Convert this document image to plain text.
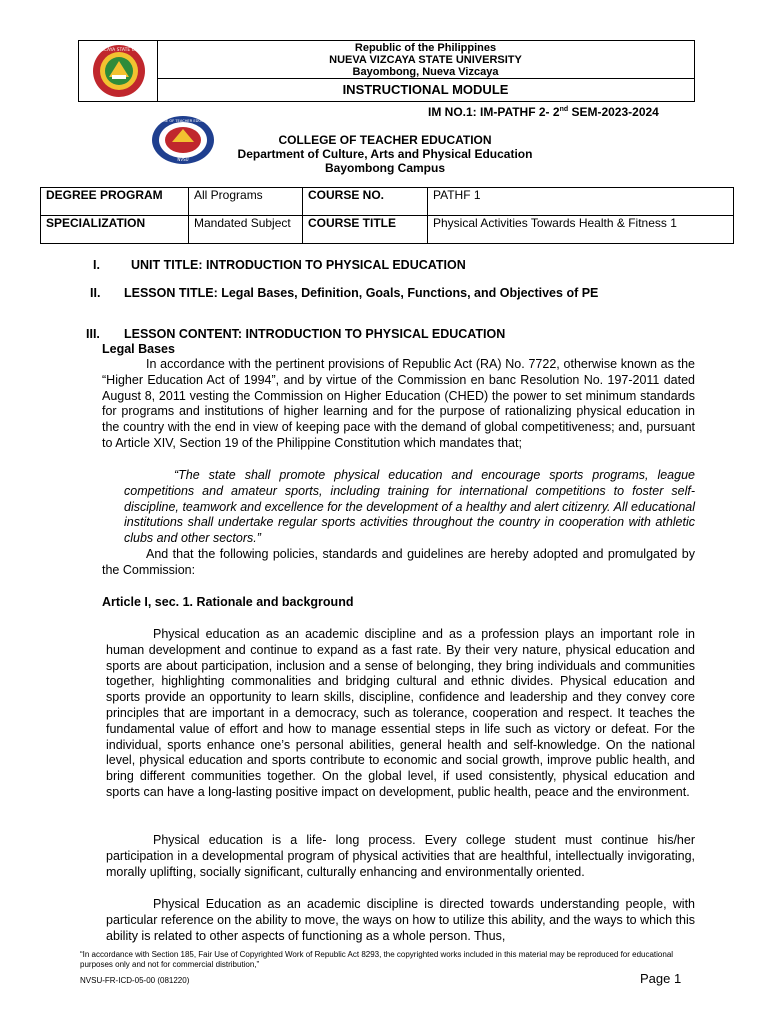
NUEVA VIZCAYA STATE UNIVERSITY	Republic of the Philippines
NUEVA VIZCAYA STATE UNIVERSITY
Bayombong, Nueva Vizcaya
INSTRUCTIONAL MODULE
IM NO.1: IM-PATHF 2- 2nd SEM-2023-2024
COLLEGE OF TEACHER EDUCATION
NVSU
COLLEGE OF TEACHER EDUCATION
Department of Culture, Arts and Physical Education
Bayombong Campus
DEGREE PROGRAM	All Programs	COURSE NO.	PATHF 1
SPECIALIZATION	Mandated Subject	COURSE TITLE	Physical Activities Towards Health & Fitness 1
I. UNIT TITLE: INTRODUCTION TO PHYSICAL EDUCATION
II. LESSON TITLE: Legal Bases, Definition, Goals, Functions, and Objectives of PE
III. LESSON CONTENT: INTRODUCTION TO PHYSICAL EDUCATION
Legal Bases
In accordance with the pertinent provisions of Republic Act (RA) No. 7722, otherwise known as the “Higher Education Act of 1994”, and by virtue of the Commission en banc Resolution No. 197-2011 dated August 8, 2011 vesting the Commission on Higher Education (CHED) the power to set minimum standards for programs and institutions of higher learning and for the purpose of rationalizing physical education in the country with the end in view of keeping pace with the demand of global competitiveness; and, pursuant to Article XIV, Section 19 of the Philippine Constitution which mandates that;
“The state shall promote physical education and encourage sports programs, league competitions and amateur sports, including training for international competitions to foster self- discipline, teamwork and excellence for the development of a healthy and alert citizenry. All educational institutions shall undertake regular sports activities throughout the country in cooperation with athletic clubs and other sectors.”
And that the following policies, standards and guidelines are hereby adopted and promulgated by the Commission:
Article I, sec. 1. Rationale and background
Physical education as an academic discipline and as a profession plays an important role in human development and continue to expand as a fast rate. By their very nature, physical education and sports are about participation, inclusion and a sense of belonging, they bring individuals and communities together, highlighting commonalities and bridging cultural and ethnic divides. Physical education and sports provide an opportunity to learn skills, discipline, confidence and leadership and they convey core principles that are important in a democracy, such as tolerance, cooperation and respect. It teaches the fundamental value of effort and how to manage essential steps in life such as victory or defeat. For the individual, sports enhance one’s personal abilities, general health and self-knowledge. On the national level, physical education and sports contribute to economic and social growth, improve public health, and bring different communities together. On the global level, if used consistently, physical education and sports can have a long-lasting positive impact on development, public health, peace and the environment.
Physical education is a life- long process. Every college student must continue his/her participation in a developmental program of physical activities that are healthful, intellectually invigorating, morally uplifting, socially significant, culturally enhancing and environmentally oriented.
Physical Education as an academic discipline is directed towards understanding people, with particular reference on the ability to move, the ways on how to utilize this ability, and the ways to which this ability is related to other aspects of functioning as a whole person. Thus,
“In accordance with Section 185, Fair Use of Copyrighted Work of Republic Act 8293, the copyrighted works included in this material may be reproduced for educational purposes only and not for commercial distribution,”
NVSU-FR-ICD-05-00 (081220)	Page 1
